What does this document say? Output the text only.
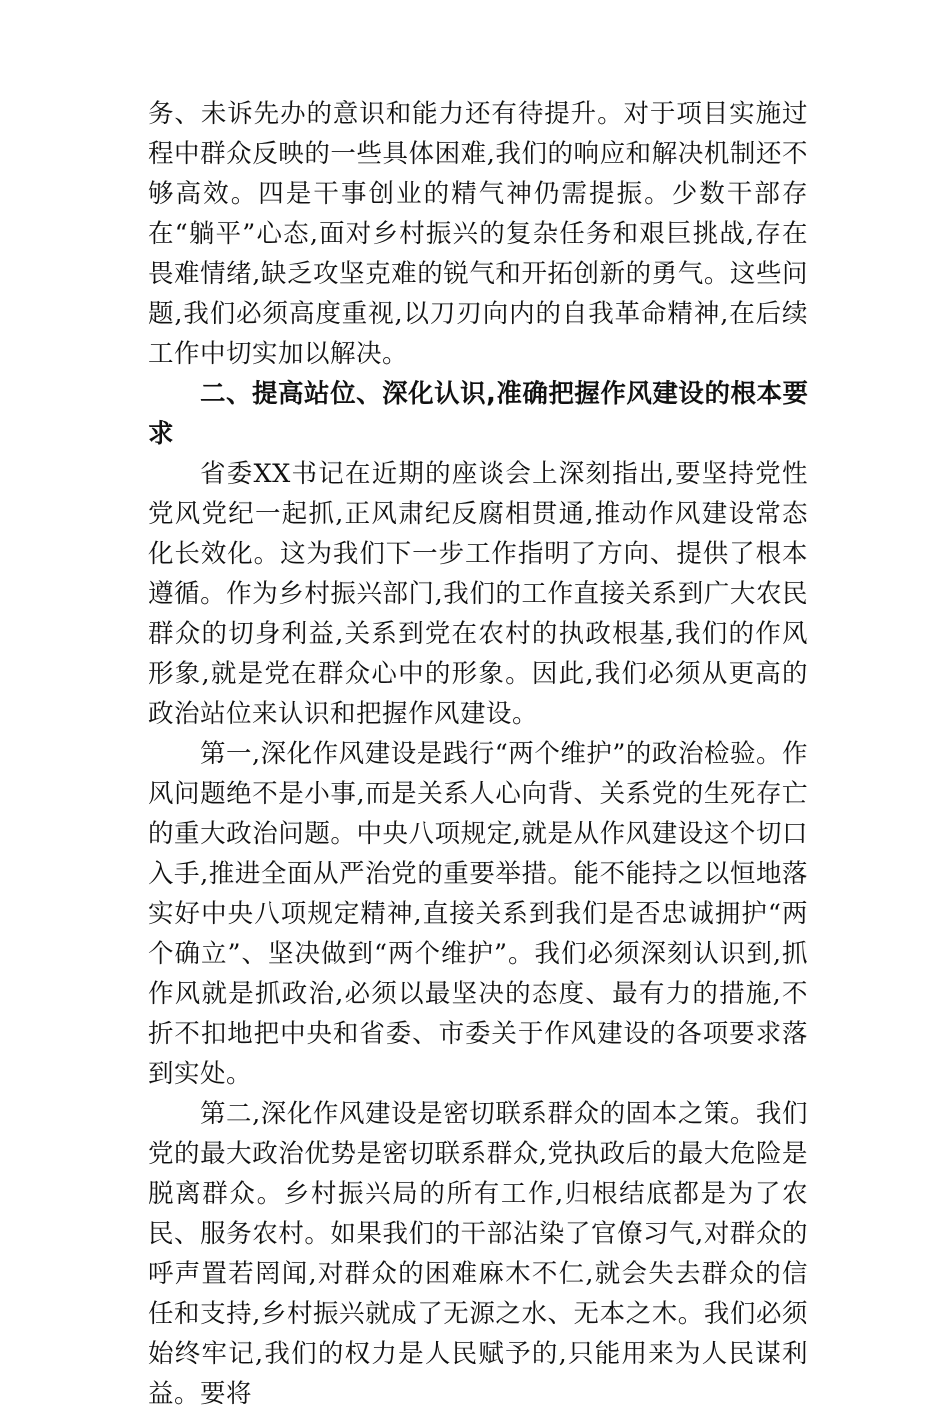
务、未诉先办的意识和能力还有待提升。对于项目实施过程中群众反映的一些具体困难,我们的响应和解决机制还不够高效。四是干事创业的精气神仍需提振。少数干部存在“躺平”心态,面对乡村振兴的复杂任务和艰巨挑战,存在畏难情绪,缺乏攻坚克难的锐气和开拓创新的勇气。这些问题,我们必须高度重视,以刀刃向内的自我革命精神,在后续工作中切实加以解决。

二、提高站位、深化认识,准确把握作风建设的根本要求

省委XX书记在近期的座谈会上深刻指出,要坚持党性党风党纪一起抓,正风肃纪反腐相贯通,推动作风建设常态化长效化。这为我们下一步工作指明了方向、提供了根本遵循。作为乡村振兴部门,我们的工作直接关系到广大农民群众的切身利益,关系到党在农村的执政根基,我们的作风形象,就是党在群众心中的形象。因此,我们必须从更高的政治站位来认识和把握作风建设。

第一,深化作风建设是践行“两个维护”的政治检验。作风问题绝不是小事,而是关系人心向背、关系党的生死存亡的重大政治问题。中央八项规定,就是从作风建设这个切口入手,推进全面从严治党的重要举措。能不能持之以恒地落实好中央八项规定精神,直接关系到我们是否忠诚拥护“两个确立”、坚决做到“两个维护”。我们必须深刻认识到,抓作风就是抓政治,必须以最坚决的态度、最有力的措施,不折不扣地把中央和省委、市委关于作风建设的各项要求落到实处。

第二,深化作风建设是密切联系群众的固本之策。我们党的最大政治优势是密切联系群众,党执政后的最大危险是脱离群众。乡村振兴局的所有工作,归根结底都是为了农民、服务农村。如果我们的干部沾染了官僚习气,对群众的呼声置若罔闻,对群众的困难麻木不仁,就会失去群众的信任和支持,乡村振兴就成了无源之水、无本之木。我们必须始终牢记,我们的权力是人民赋予的,只能用来为人民谋利益。要将
